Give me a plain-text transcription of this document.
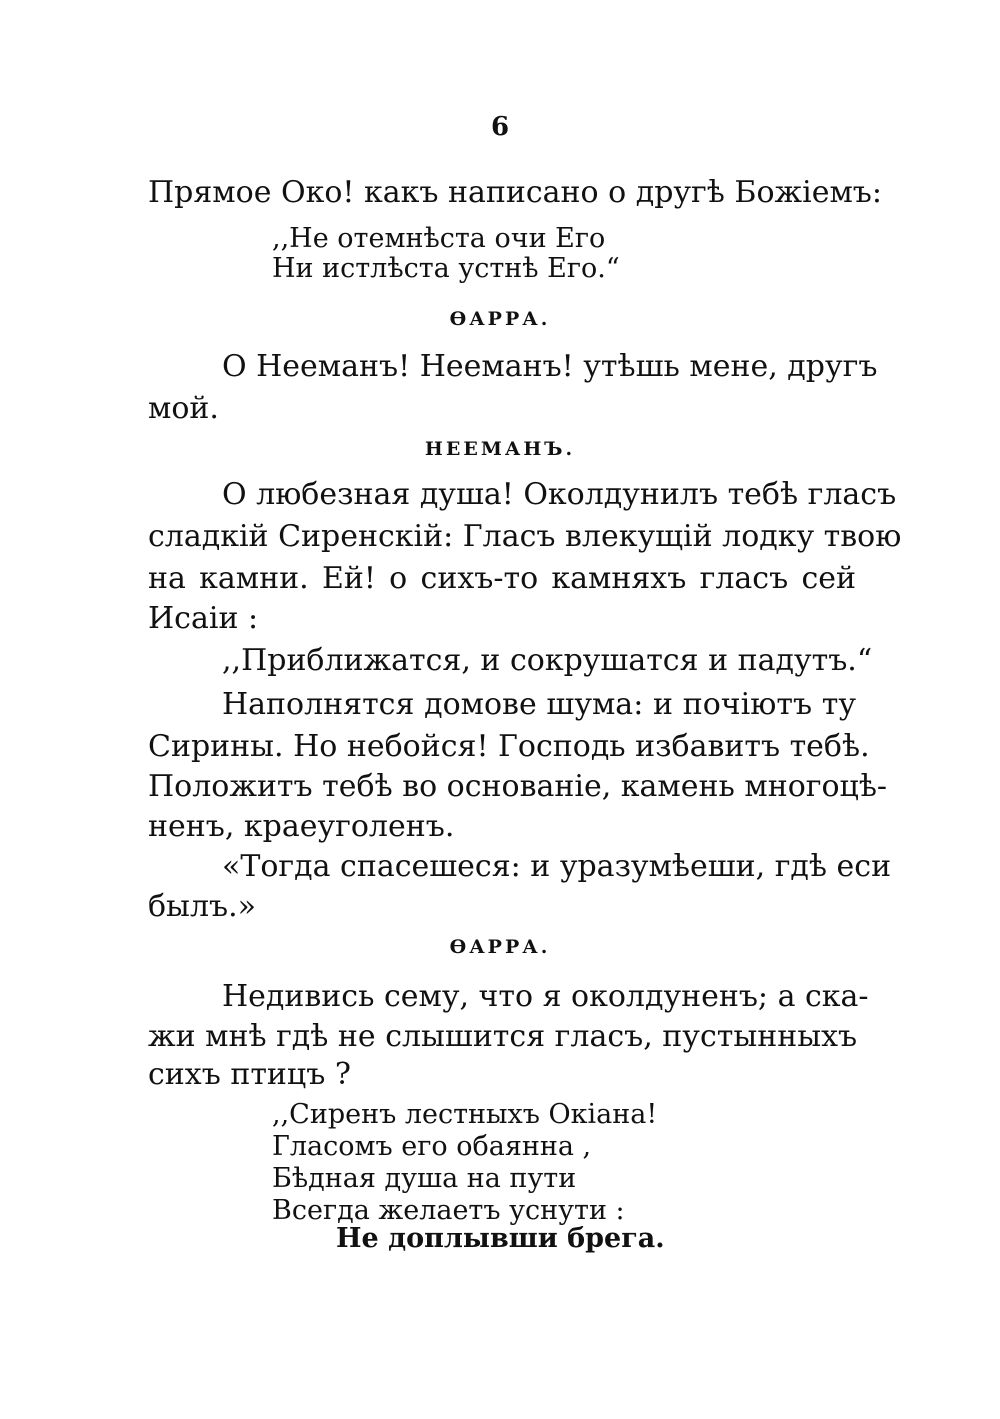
6
Прямое Око! какъ написано о другѣ Божіемъ:
,,Не отемнѣста очи Его
Ни истлѣста устнѣ Его.“
ѲАРРА.
О Нееманъ! Нееманъ! утѣшь мене, другъ
мой.
НЕЕМАНЪ.
О любезная душа! Околдунилъ тебѣ гласъ
сладкій Сиренскій: Гласъ влекущій лодку твою
на камни. Ей! о сихъ-то камняхъ гласъ сей
Исаіи :
,,Приближатся, и сокрушатся и падутъ.“
Наполнятся домове шума: и почіютъ ту
Сирины. Но небойся! Господь избавитъ тебѣ.
Положитъ тебѣ во основаніе, камень многоцѣ-
ненъ, краеуголенъ.
«Тогда спасешеся: и уразумѣеши, гдѣ еси
былъ.»
ѲАРРА.
Недивись сему, что я околдуненъ; а ска-
жи мнѣ гдѣ не слышится гласъ, пустынныхъ
сихъ птицъ ?
,,Сиренъ лестныхъ Окіана!
Гласомъ его обаянна ,
Бѣдная душа на пути
Всегда желаетъ уснути :
Не доплывши брега.
